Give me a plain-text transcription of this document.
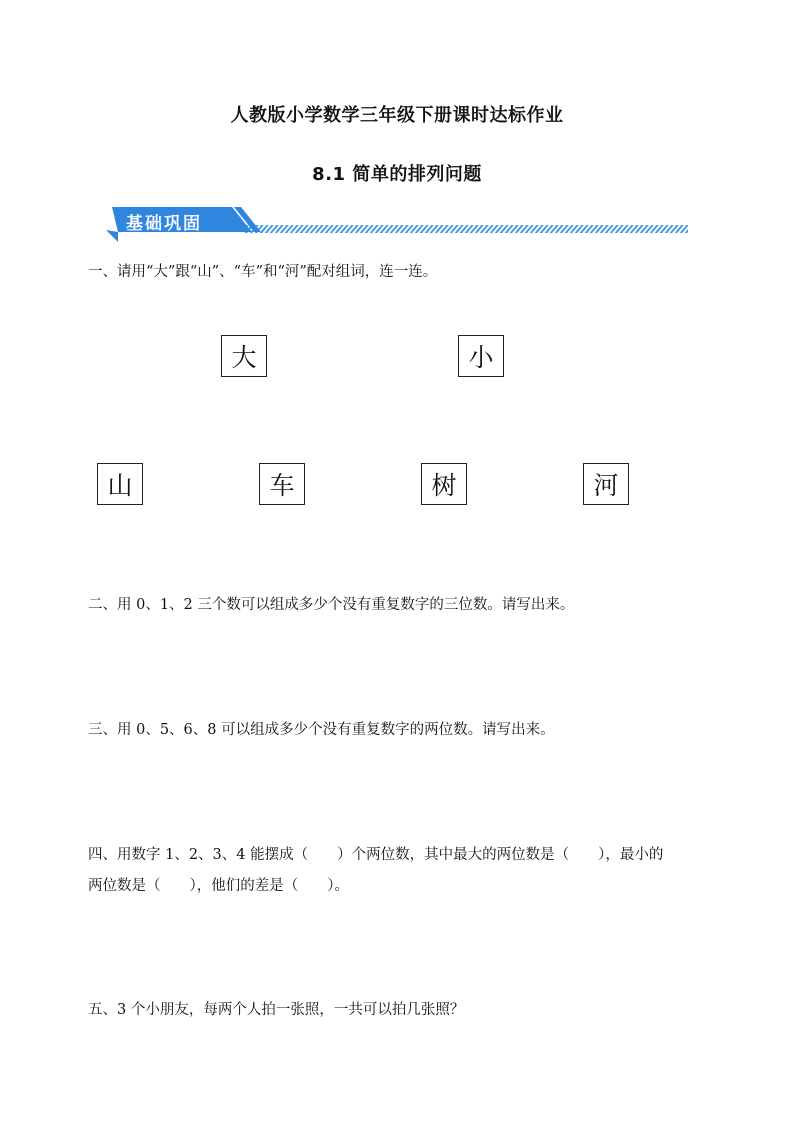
人教版小学数学三年级下册课时达标作业
8.1 简单的排列问题
基础巩固
一、请用“大”跟“山”、“车”和“河”配对组词，连一连。
大	小
山	车	树	河
二、用 0、1、2 三个数可以组成多少个没有重复数字的三位数。请写出来。
三、用 0、5、6、8 可以组成多少个没有重复数字的两位数。请写出来。
四、用数字 1、2、3、4 能摆成（　　）个两位数，其中最大的两位数是（　　），最小的
两位数是（　　），他们的差是（　　）。
五、3 个小朋友，每两个人拍一张照，一共可以拍几张照？
